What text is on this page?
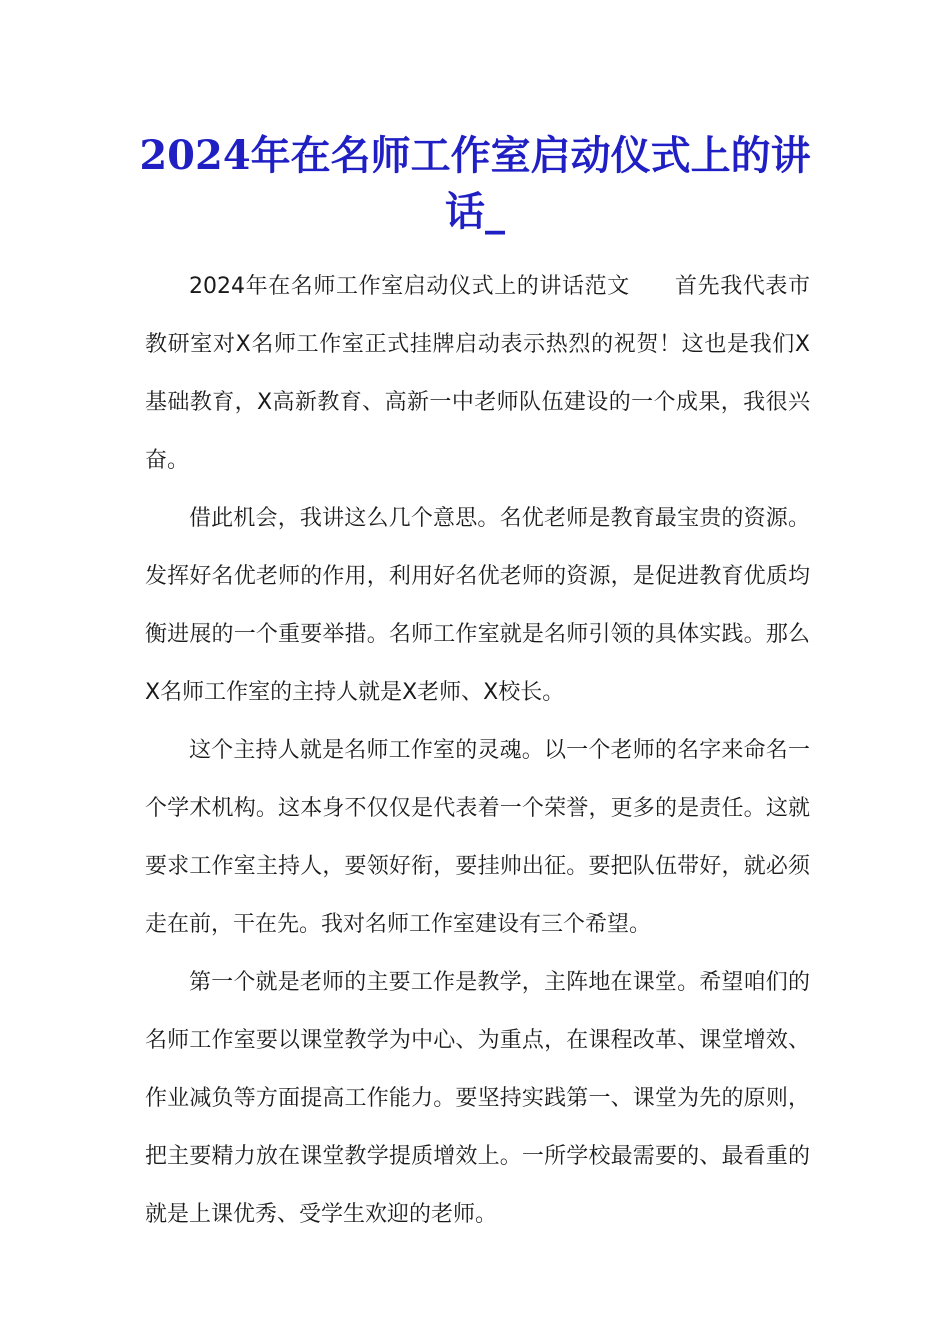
2024年在名师工作室启动仪式上的讲话_

2024年在名师工作室启动仪式上的讲话范文　　首先我代表市教研室对X名师工作室正式挂牌启动表示热烈的祝贺！这也是我们X基础教育，X高新教育、高新一中老师队伍建设的一个成果，我很兴奋。

借此机会，我讲这么几个意思。名优老师是教育最宝贵的资源。发挥好名优老师的作用，利用好名优老师的资源，是促进教育优质均衡进展的一个重要举措。名师工作室就是名师引领的具体实践。那么X名师工作室的主持人就是X老师、X校长。

这个主持人就是名师工作室的灵魂。以一个老师的名字来命名一个学术机构。这本身不仅仅是代表着一个荣誉，更多的是责任。这就要求工作室主持人，要领好衔，要挂帅出征。要把队伍带好，就必须走在前，干在先。我对名师工作室建设有三个希望。

第一个就是老师的主要工作是教学，主阵地在课堂。希望咱们的名师工作室要以课堂教学为中心、为重点，在课程改革、课堂增效、作业减负等方面提高工作能力。要坚持实践第一、课堂为先的原则，把主要精力放在课堂教学提质增效上。一所学校最需要的、最看重的就是上课优秀、受学生欢迎的老师。
